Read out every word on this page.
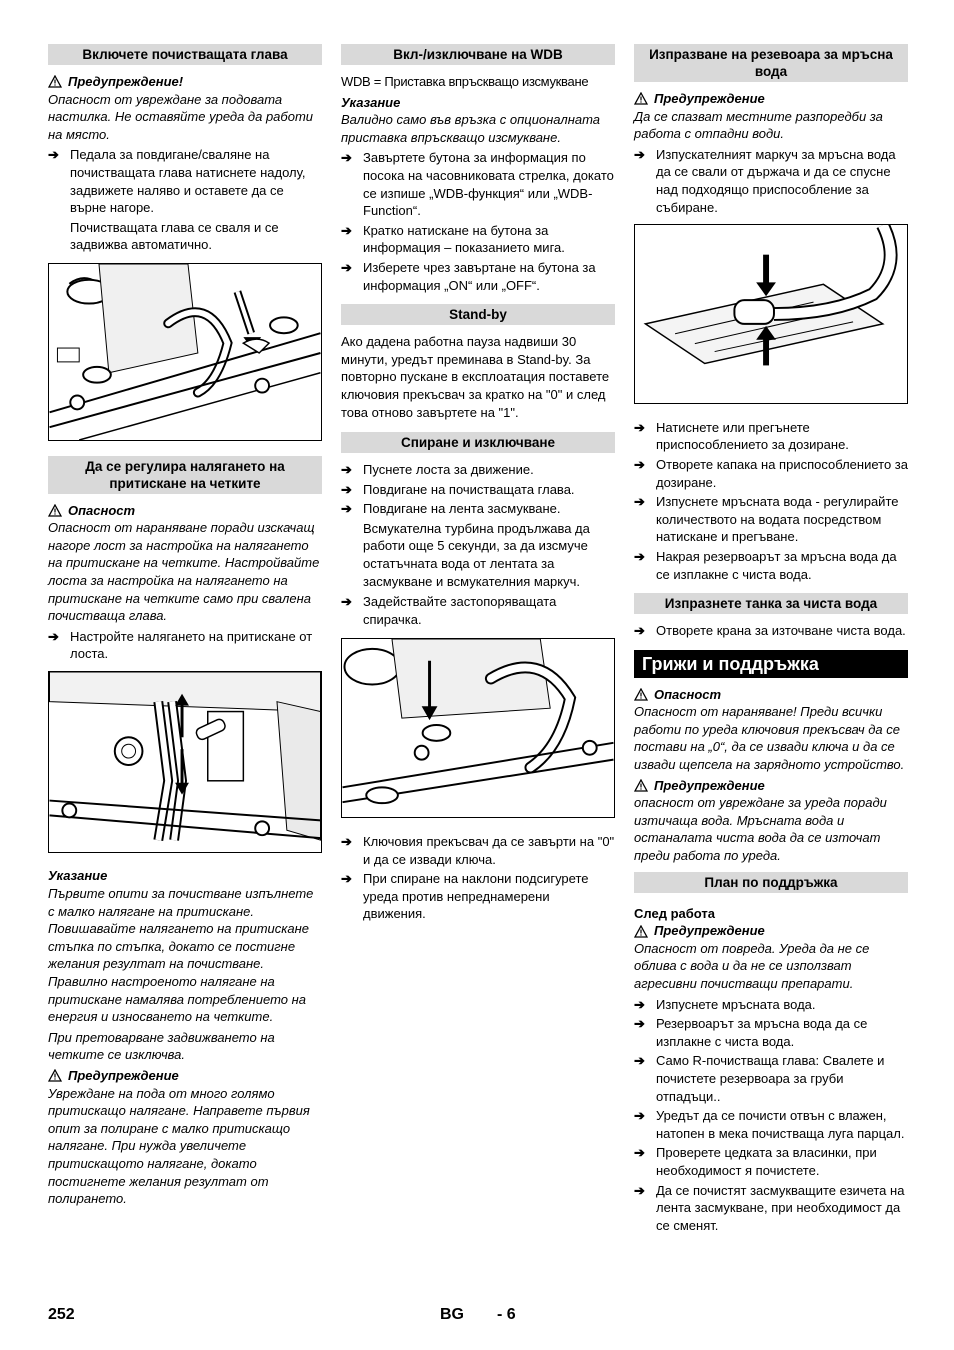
Включете почистващата глава
Предупреждение!

Опасност от увреждане за подовата настилка. Не оставяйте уреда да работи на място.

➔ Педала за повдигане/сваляне на почистващата глава натиснете надолу, задвижете наляво и оставете да се върне нагоре.

Почистващата глава се сваля и се задвижва автоматично.

Да се регулира налягането на притискане на четките
Опасност

Опасност от нараняване поради изскачащ нагоре лост за настройка на налягането на притискане на четките. Настройвайте лоста за настройка на налягането на притискане на четките само при свалена почистваща глава.

➔ Настройте налягането на притискане от лоста.
Указание

Първите опити за почистване изпълнете с малко налягане на притискане. Повишавайте налягането на притискане стъпка по стъпка, докато се постигне желания резултат на почистване. Правилно настроеното налягане на притискане намалява потреблението на енергия и износването на четките.

При претоварване задвижването на четките се изключва.

Предупреждение

Увреждане на пода от много голямо притискащо налягане. Направете първия опит за полиране с малко притискащо налягане. При нужда увеличете притискащото налягане, докато постигнете желания резултат от полирането.

Вкл-/изключване на WDB

WDB = Приставка впръскващо изсмукване

Указание

Валидно само във връзка с опционалната приставка впръскващо изсмукване.

➔ Завъртете бутона за информация по посока на часовниковата стрелка, докато се изпише „WDB-функция“ или „WDB-Function“.
➔ Кратко натискане на бутона за информация – показанието мига.
➔ Изберете чрез завъртане на бутона за информация „ON“ или „OFF“.
Stand-by

Ако дадена работна пауза надвиши 30 минути, уредът преминава в Stand-by. За повторно пускане в експлоатация поставете ключовия прекъсвач за кратко на "0" и след това отново завъртете на "1".

Спиране и изключване
➔ Пуснете лоста за движение.
➔ Повдигане на почистващата глава.
➔ Повдигане на лента засмукване.

Всмукателна турбина продължава да работи още 5 секунди, за да изсмуче остатъчната вода от лентата за засмукване и всмукателния маркуч.

➔ Задействайте застопоряващата спирачка.
➔ Ключовия прекъсвач да се завърти на "0" и да се извади ключа.
➔ При спиране на наклони подсигурете уреда против непреднамерени движения.
Изпразване на резевоара за мръсна вода
Предупреждение

Да се спазват местните разпоредби за работа с отпадни води.

➔ Изпускателният маркуч за мръсна вода да се свали от държача и да се спусне над подходящо приспособление за събиране.
➔ Натиснете или прегънете приспособлението за дозиране.
➔ Отворете капака на приспособлението за дозиране.
➔ Изпуснете мръсната вода - регулирайте количеството на водата посредством натискане и прегъване.
➔ Накрая резервоарът за мръсна вода да се изплакне с чиста вода.
Изпразнете танка за чиста вода
➔ Отворете крана за източване чиста вода.
Грижи и поддръжка
Опасност

Опасност от нараняване! Преди всички работи по уреда ключовия прекъсвач да се постави на „0“, да се извади ключа и да се извади щепсела на зарядното устройство.

Предупреждение

опасност от увреждане за уреда поради изтичаща вода. Мръсната вода и останалата чиста вода да се източат преди работа по уреда.

План по поддръжка
След работа
Предупреждение

Опасност от повреда. Уреда да не се облива с вода и да не се използват агресивни почистващи препарати.

➔ Изпуснете мръсната вода.
➔ Резервоарът за мръсна вода да се изплакне с чиста вода.
➔ Само R-почистваща глава: Свалете и почистете резервоара за груби отпадъци..
➔ Уредът да се почисти отвън с влажен, натопен в мека почистваща луга парцал.
➔ Проверете цедката за власинки, при необходимост я почистете.
➔ Да се почистят засмукващите езичета на лента засмукване, при необходимост да се сменят.
252	BG - 6
